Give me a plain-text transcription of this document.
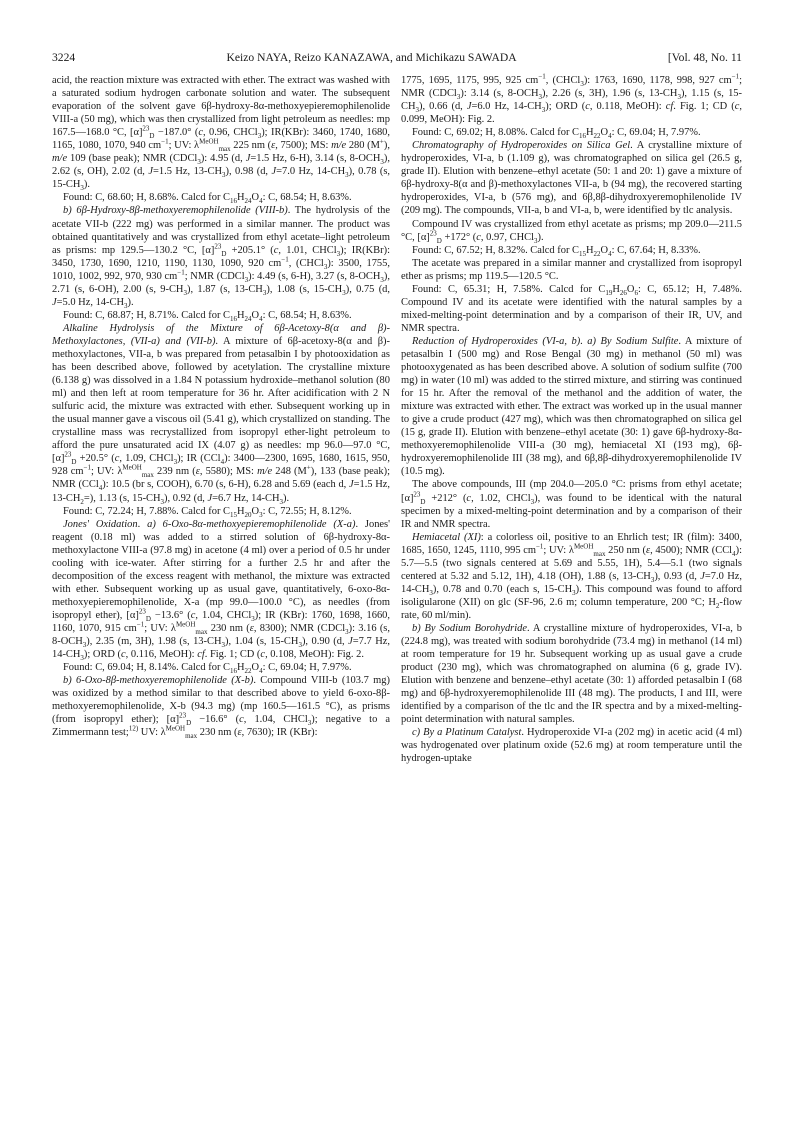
3224	Keizo NAYA, Reizo KANAZAWA, and Michikazu SAWADA	[Vol. 48, No. 11

acid, the reaction mixture was extracted with ether. The extract was washed with a saturated sodium hydrogen carbonate solution and water. The subsequent evaporation of the solvent gave 6β-hydroxy-8α-methoxyepieremophilenolide VIII-a (50 mg), which was then crystallized from light petroleum as needles: mp 167.5—168.0 °C, $[\alpha]^{23}_D -187.0^\circ$ (c, 0.96, CHCl$_3$); IR(KBr): 3460, 1740, 1680, 1165, 1080, 1070, 940 $cm^{-1}$; UV: $\lambda^{MeOH}_{max}$ 225 nm (ε, 7500); MS: m/e 280 (M+), m/e 109 (base peak); NMR (CDCl$_3$): 4.95 (d, J=1.5 Hz, 6-H), 3.14 (s, $8-OCH_3$), 2.62 (s, OH), 2.02 (d, J=1.5 Hz, $13-CH_3$), 0.98 (d, J=7.0 Hz, $14-CH_3$), 0.78 (s, $15-CH_3$).

Found: C, 68.60; H, 8.68%. Calcd for $C_{16}H_{24}O_4$: C, 68.54; H, 8.63%.

b) 6β-Hydroxy-8β-methoxyeremophilenolide (VIII-b). The hydrolysis of the acetate VII-b (222 mg) was performed in a similar manner. The product was obtained quantitatively and was crystallized from ethyl acetate–light petroleum as prisms: mp 129.5—130.2 °C, $[\alpha]^{23}_D +205.1^\circ$ (c, 1.01, CHCl$_3$); IR(KBr): 3450, 1730, 1690, 1210, 1190, 1130, 1090, 920 $cm^{-1}$, (CHCl$_3$): 3500, 1755, 1010, 1002, 992, 970, 930 $cm^{-1}$; NMR (CDCl$_3$): 4.49 (s, 6-H), 3.27 (s, $8-OCH_3$), 2.71 (s, 6-OH), 2.00 (s, $9-CH_3$), 1.87 (s, $13-CH_3$), 1.08 (s, $15-CH_3$), 0.75 (d, J=5.0 Hz, $14-CH_3$).

Found: C, 68.87; H, 8.71%. Calcd for $C_{16}H_{24}O_4$: C, 68.54; H, 8.63%.

Alkaline Hydrolysis of the Mixture of 6β-Acetoxy-8(α and β)-Methoxylactones, (VII-a) and (VII-b). A mixture of 6β-acetoxy-8(α and β)-methoxylactones, VII-a, b was prepared from petasalbin I by photooxidation as has been described above, followed by acetylation. The crystalline mixture (6.138 g) was dissolved in a 1.84 N potassium hydroxide–methanol solution (80 ml) and then left at room temperature for 36 hr. After acidification with 2 N sulfuric acid, the mixture was extracted with ether. Subsequent working up in the usual manner gave a viscous oil (5.41 g), which crystallized on standing. The crystalline mass was recrystallized from isopropyl ether-light petroleum to afford the pure unsaturated acid IX (4.07 g) as needles: mp 96.0—97.0 °C, $[\alpha]^{23}_D +20.5^\circ$ (c, 1.09, CHCl$_3$); IR (CCl$_4$): 3400—2300, 1695, 1680, 1615, 950, 928 $cm^{-1}$; UV: $\lambda^{MeOH}_{max}$ 239 nm (ε, 5580); MS: m/e 248 (M+), 133 (base peak); NMR (CCl$_4$): 10.5 (br s, COOH), 6.70 (s, 6-H), 6.28 and 5.69 (each d, J=1.5 Hz, $13-CH_2=$), 1.13 (s, $15-CH_3$), 0.92 (d, J=6.7 Hz, $14-CH_3$).

Found: C, 72.24; H, 7.88%. Calcd for $C_{15}H_{20}O_3$: C, 72.55; H, 8.12%.

Jones' Oxidation. a) 6-Oxo-8α-methoxyepieremophilenolide (X-a). Jones' reagent (0.18 ml) was added to a stirred solution of 6β-hydroxy-8α-methoxylactone VIII-a (97.8 mg) in acetone (4 ml) over a period of 0.5 hr under cooling with ice-water. After stirring for a further 2.5 hr and after the decomposition of the excess reagent with methanol, the mixture was extracted with ether. Subsequent working up as usual gave, quantitatively, 6-oxo-8α-methoxyepieremophilenolide, X-a (mp 99.0—100.0 °C), as needles (from isopropyl ether), $[\alpha]^{23}_D -13.6^\circ$ (c, 1.04, CHCl$_3$); IR (KBr): 1760, 1698, 1660, 1160, 1070, 915 $cm^{-1}$; UV: $\lambda^{MeOH}_{max}$ 230 nm (ε, 8300); NMR (CDCl$_3$): 3.16 (s, $8-OCH_3$), 2.35 (m, 3H), 1.98 (s, $13-CH_3$), 1.04 (s, $15-CH_3$), 0.90 (d, J=7.7 Hz, $14-CH_3$); ORD (c, 0.116, MeOH): cf. Fig. 1; CD (c, 0.108, MeOH): Fig. 2.

Found: C, 69.04; H, 8.14%. Calcd for $C_{16}H_{22}O_4$: C, 69.04; H, 7.97%.

b) 6-Oxo-8β-methoxyeremophilenolide (X-b). Compound VIII-b (103.7 mg) was oxidized by a method similar to that described above to yield 6-oxo-8β-methoxyeremophilenolide, X-b (94.3 mg) (mp 160.5—161.5 °C), as prisms (from isopropyl ether); $[\alpha]^{23}_D -16.6^\circ$ (c, 1.04, CHCl$_3$); negative to a Zimmermann test;$^{12)}$ UV: $\lambda^{MeOH}_{max}$ 230 nm (ε, 7630); IR (KBr):

1775, 1695, 1175, 995, 925 $cm^{-1}$, (CHCl$_3$): 1763, 1690, 1178, 998, 927 $cm^{-1}$; NMR (CDCl$_3$): 3.14 (s, $8-OCH_3$), 2.26 (s, 3H), 1.96 (s, $13-CH_3$), 1.15 (s, $15-CH_3$), 0.66 (d, J=6.0 Hz, $14-CH_3$); ORD (c, 0.118, MeOH): cf. Fig. 1; CD (c, 0.099, MeOH): Fig. 2.

Found: C, 69.02; H, 8.08%. Calcd for $C_{16}H_{22}O_4$: C, 69.04; H, 7.97%.

Chromatography of Hydroperoxides on Silica Gel. A crystalline mixture of hydroperoxides, VI-a, b (1.109 g), was chromatographed on silica gel (26.5 g, grade II). Elution with benzene–ethyl acetate (50: 1 and 20: 1) gave a mixture of 6β-hydroxy-8(α and β)-methoxylactones VII-a, b (94 mg), the recovered starting hydroperoxides, VI-a, b (576 mg), and 6β,8β-dihydroxyeremophilenolide IV (209 mg). The compounds, VII-a, b and VI-a, b, were identified by tlc analysis.

Compound IV was crystallized from ethyl acetate as prisms; mp 209.0—211.5 °C, $[\alpha]^{23}_D +172^\circ$ (c, 0.97, CHCl$_3$).

Found: C, 67.52; H, 8.32%. Calcd for $C_{15}H_{22}O_4$: C, 67.64; H, 8.33%.

The acetate was prepared in a similar manner and crystallized from isopropyl ether as prisms; mp 119.5—120.5 °C.

Found: C, 65.31; H, 7.58%. Calcd for $C_{19}H_{26}O_6$: C, 65.12; H, 7.48%. Compound IV and its acetate were identified with the natural samples by a mixed-melting-point determination and by a comparison of their IR, UV, and NMR spectra.

Reduction of Hydroperoxides (VI-a, b). a) By Sodium Sulfite. A mixture of petasalbin I (500 mg) and Rose Bengal (30 mg) in methanol (50 ml) was photooxygenated as has been described above. A solution of sodium sulfite (700 mg) in water (10 ml) was added to the stirred mixture, and stirring was continued for 15 hr. After the removal of the methanol and the addition of water, the mixture was extracted with ether. The extract was worked up in the usual manner to give a crude product (427 mg), which was then chromatographed on silica gel (15 g, grade II). Elution with benzene–ethyl acetate (30: 1) gave 6β-hydroxy-8α-methoxyeremophilenolide VIII-a (30 mg), hemiacetal XI (193 mg), 6β-hydroxyeremophilenolide III (38 mg), and 6β,8β-dihydroxyeremophilenolide IV (10.5 mg).

The above compounds, III (mp 204.0—205.0 °C: prisms from ethyl acetate; $[\alpha]^{23}_D +212^\circ$ (c, 1.02, CHCl$_3$), was found to be identical with the natural specimen by a mixed-melting-point determination and by a comparison of their IR and NMR spectra.

Hemiacetal (XI): a colorless oil, positive to an Ehrlich test; IR (film): 3400, 1685, 1650, 1245, 1110, 995 $cm^{-1}$; UV: $\lambda^{MeOH}_{max}$ 250 nm (ε, 4500); NMR (CCl$_4$): 5.7—5.5 (two signals centered at 5.69 and 5.55, 1H), 5.4—5.1 (two signals centered at 5.32 and 5.12, 1H), 4.18 (OH), 1.88 (s, $13-CH_3$), 0.93 (d, J=7.0 Hz, $14-CH_3$), 0.78 and 0.70 (each s, $15-CH_3$). This compound was found to afford isoligularone (XII) on glc (SF-96, 2.6 m; column temperature, 200 °C; $H_2$-flow rate, 60 ml/min).

b) By Sodium Borohydride. A crystalline mixture of hydroperoxides, VI-a, b (224.8 mg), was treated with sodium borohydride (73.4 mg) in methanol (14 ml) at room temperature for 19 hr. Subsequent working up as usual gave a crude product (230 mg), which was chromatographed on alumina (6 g, grade IV). Elution with benzene and benzene–ethyl acetate (30: 1) afforded petasalbin I (68 mg) and 6β-hydroxyeremophilenolide III (48 mg). The products, I and III, were identified by a comparison of the tlc and the IR spectra and by a mixed-melting-point determination with natural samples.

c) By a Platinum Catalyst. Hydroperoxide VI-a (202 mg) in acetic acid (4 ml) was hydrogenated over platinum oxide (52.6 mg) at room temperature until the hydrogen-uptake
